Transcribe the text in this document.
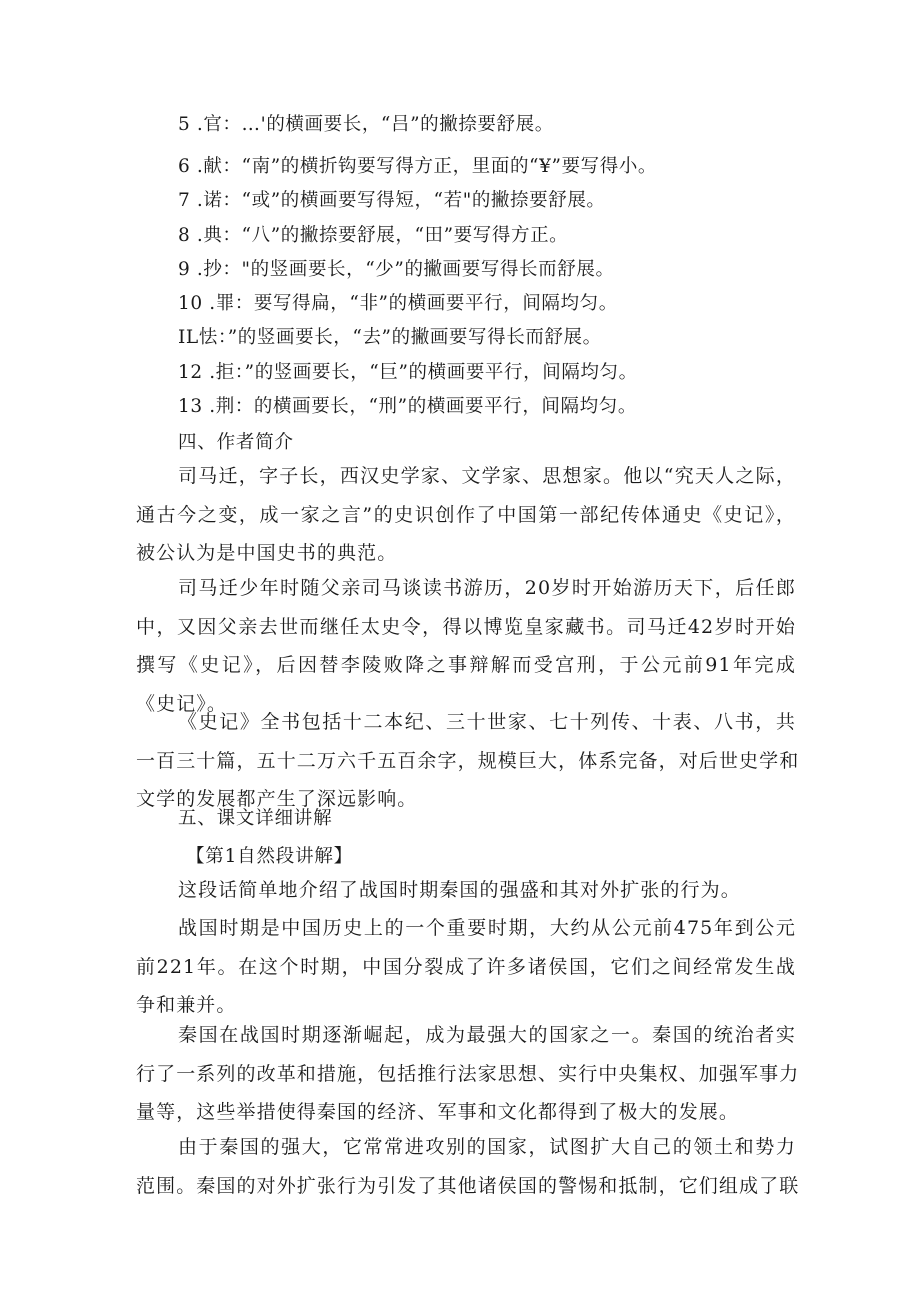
5 .官：…'的横画要长，“吕”的撇捺要舒展。
6 .献：“南”的横折钩要写得方正，里面的“¥”要写得小。
7 .诺：“或”的横画要写得短，“若"的撇捺要舒展。
8 .典：“八”的撇捺要舒展，“田”要写得方正。
9 .抄："的竖画要长，“少”的撇画要写得长而舒展。
10 .罪：要写得扁，“非”的横画要平行，间隔均匀。
IL怯：”的竖画要长，“去”的撇画要写得长而舒展。
12 .拒：”的竖画要长，“巨”的横画要平行，间隔均匀。
13 .荆：的横画要长，“刑”的横画要平行，间隔均匀。
四、作者简介
司马迁，字子长，西汉史学家、文学家、思想家。他以“究天人之际，
通古今之变，成一家之言”的史识创作了中国第一部纪传体通史《史记》，
被公认为是中国史书的典范。
司马迁少年时随父亲司马谈读书游历，20岁时开始游历天下，后任郎
中，又因父亲去世而继任太史令，得以博览皇家藏书。司马迁42岁时开始
撰写《史记》，后因替李陵败降之事辩解而受宫刑，于公元前91年完成
《史记》。
《史记》全书包括十二本纪、三十世家、七十列传、十表、八书，共
一百三十篇，五十二万六千五百余字，规模巨大，体系完备，对后世史学和
文学的发展都产生了深远影响。
五、课文详细讲解
【第1自然段讲解】
这段话简单地介绍了战国时期秦国的强盛和其对外扩张的行为。
战国时期是中国历史上的一个重要时期，大约从公元前475年到公元
前221年。在这个时期，中国分裂成了许多诸侯国，它们之间经常发生战
争和兼并。
秦国在战国时期逐渐崛起，成为最强大的国家之一。秦国的统治者实
行了一系列的改革和措施，包括推行法家思想、实行中央集权、加强军事力
量等，这些举措使得秦国的经济、军事和文化都得到了极大的发展。
由于秦国的强大，它常常进攻别的国家，试图扩大自己的领土和势力
范围。秦国的对外扩张行为引发了其他诸侯国的警惕和抵制，它们组成了联
